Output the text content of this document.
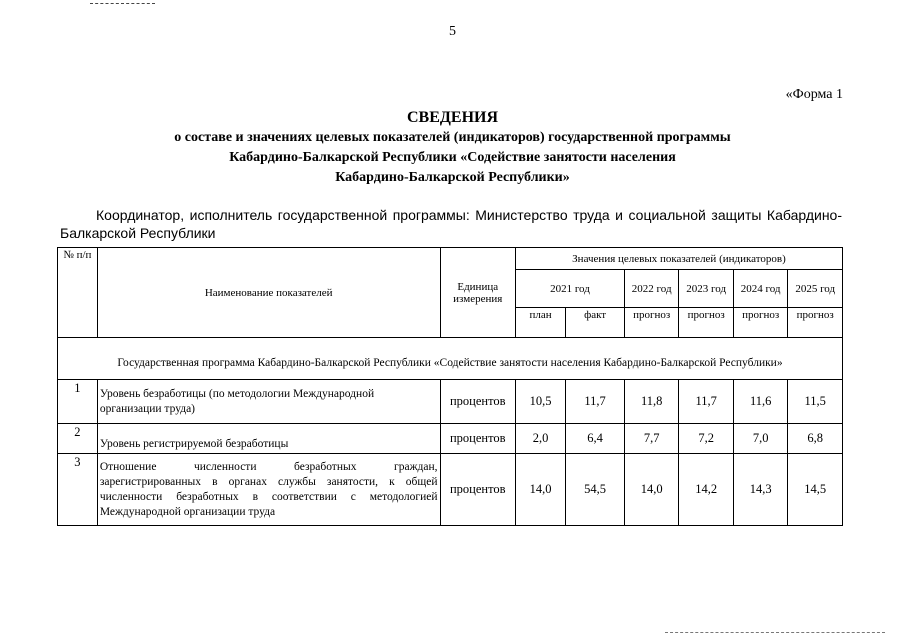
5
«Форма 1
СВЕДЕНИЯ
о составе и значениях целевых показателей (индикаторов) государственной программы
Кабардино-Балкарской Республики «Содействие занятости населения
Кабардино-Балкарской Республики»
Координатор, исполнитель государственной программы: Министерство труда и социальной защиты Кабардино-Балкарской Республики
№ п/п	Наименование показателей	Единица измерения	Значения целевых показателей (индикаторов)					
			2021 год		2022 год	2023 год	2024 год	2025 год
			план	факт	прогноз	прогноз	прогноз	прогноз

Государственная программа Кабардино-Балкарской Республики «Содействие занятости населения Кабардино-Балкарской Республики»								
1	Уровень безработицы (по методологии Международной организации труда)	процентов	10,5	11,7	11,8	11,7	11,6	11,5
2	Уровень регистрируемой безработицы	процентов	2,0	6,4	7,7	7,2	7,0	6,8
3	Отношение численности безработных граждан, зарегистрированных в органах службы занятости, к общей численности безработных в соответствии с методологией Международной организации труда	процентов	14,0	54,5	14,0	14,2	14,3	14,5
